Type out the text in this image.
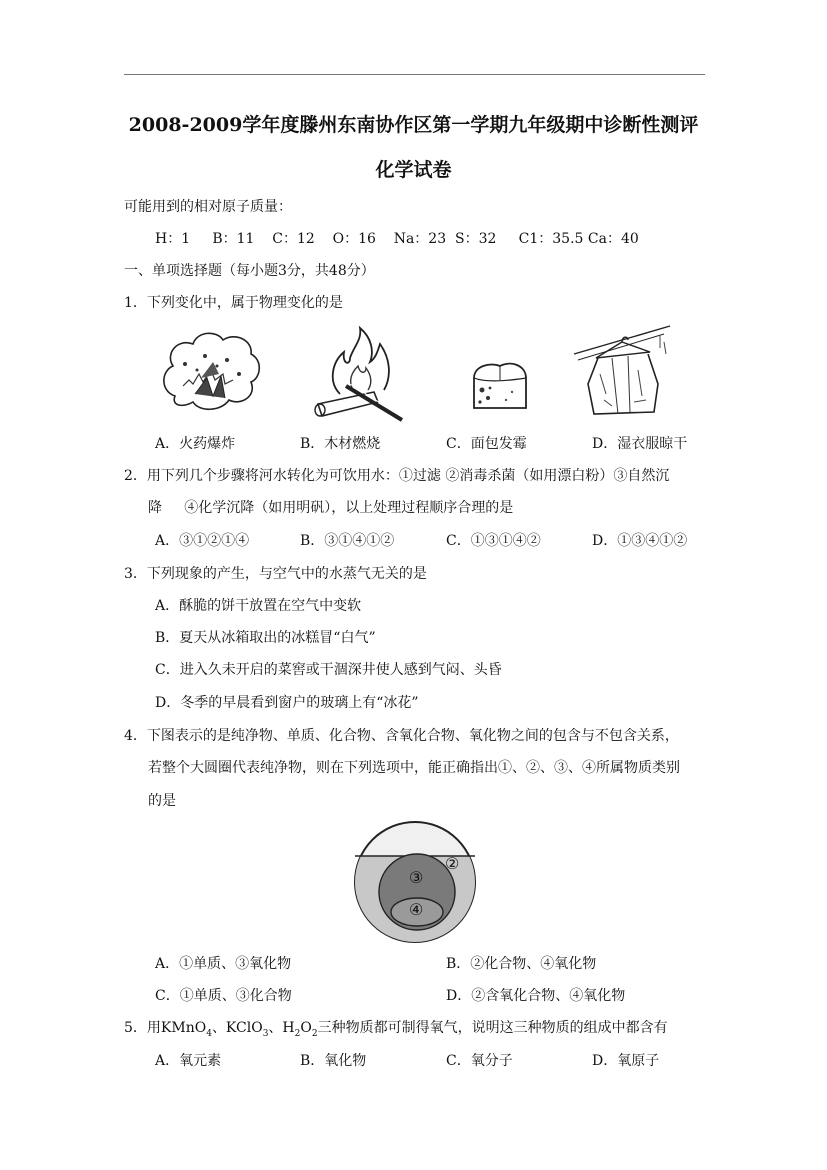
2008-2009学年度滕州东南协作区第一学期九年级期中诊断性测评
化学试卷
可能用到的相对原子质量：
H：1     B：11    C：12    O：16    Na：23  S：32     C1：35.5 Ca：40
一、单项选择题（每小题3分，共48分）
1．下列变化中，属于物理变化的是
A．火药爆炸	B．木材燃烧	C．面包发霉	D．湿衣服晾干
2．用下列几个步骤将河水转化为可饮用水：①过滤 ②消毒杀菌（如用漂白粉）③自然沉
降     ④化学沉降（如用明矾），以上处理过程顺序合理的是
A．③①②①④	B．③①④①②	C．①③①④②	D．①③④①②
3．下列现象的产生，与空气中的水蒸气无关的是
A．酥脆的饼干放置在空气中变软
B．夏天从冰箱取出的冰糕冒“白气”
C．进入久未开启的菜窖或干涸深井使人感到气闷、头昏
D．冬季的早晨看到窗户的玻璃上有“冰花”
4．下图表示的是纯净物、单质、化合物、含氧化合物、氧化物之间的包含与不包含关系，
若整个大圆圈代表纯净物，则在下列选项中，能正确指出①、②、③、④所属物质类别
的是
②
③
④
A．①单质、③氧化物	B．②化合物、④氧化物
C．①单质、③化合物	D．②含氧化合物、④氧化物
5．用KMnO$_4$、KClO$_3$、$H_2O_2$三种物质都可制得氧气，说明这三种物质的组成中都含有
A．氧元素	B．氧化物	C．氧分子	D．氧原子
